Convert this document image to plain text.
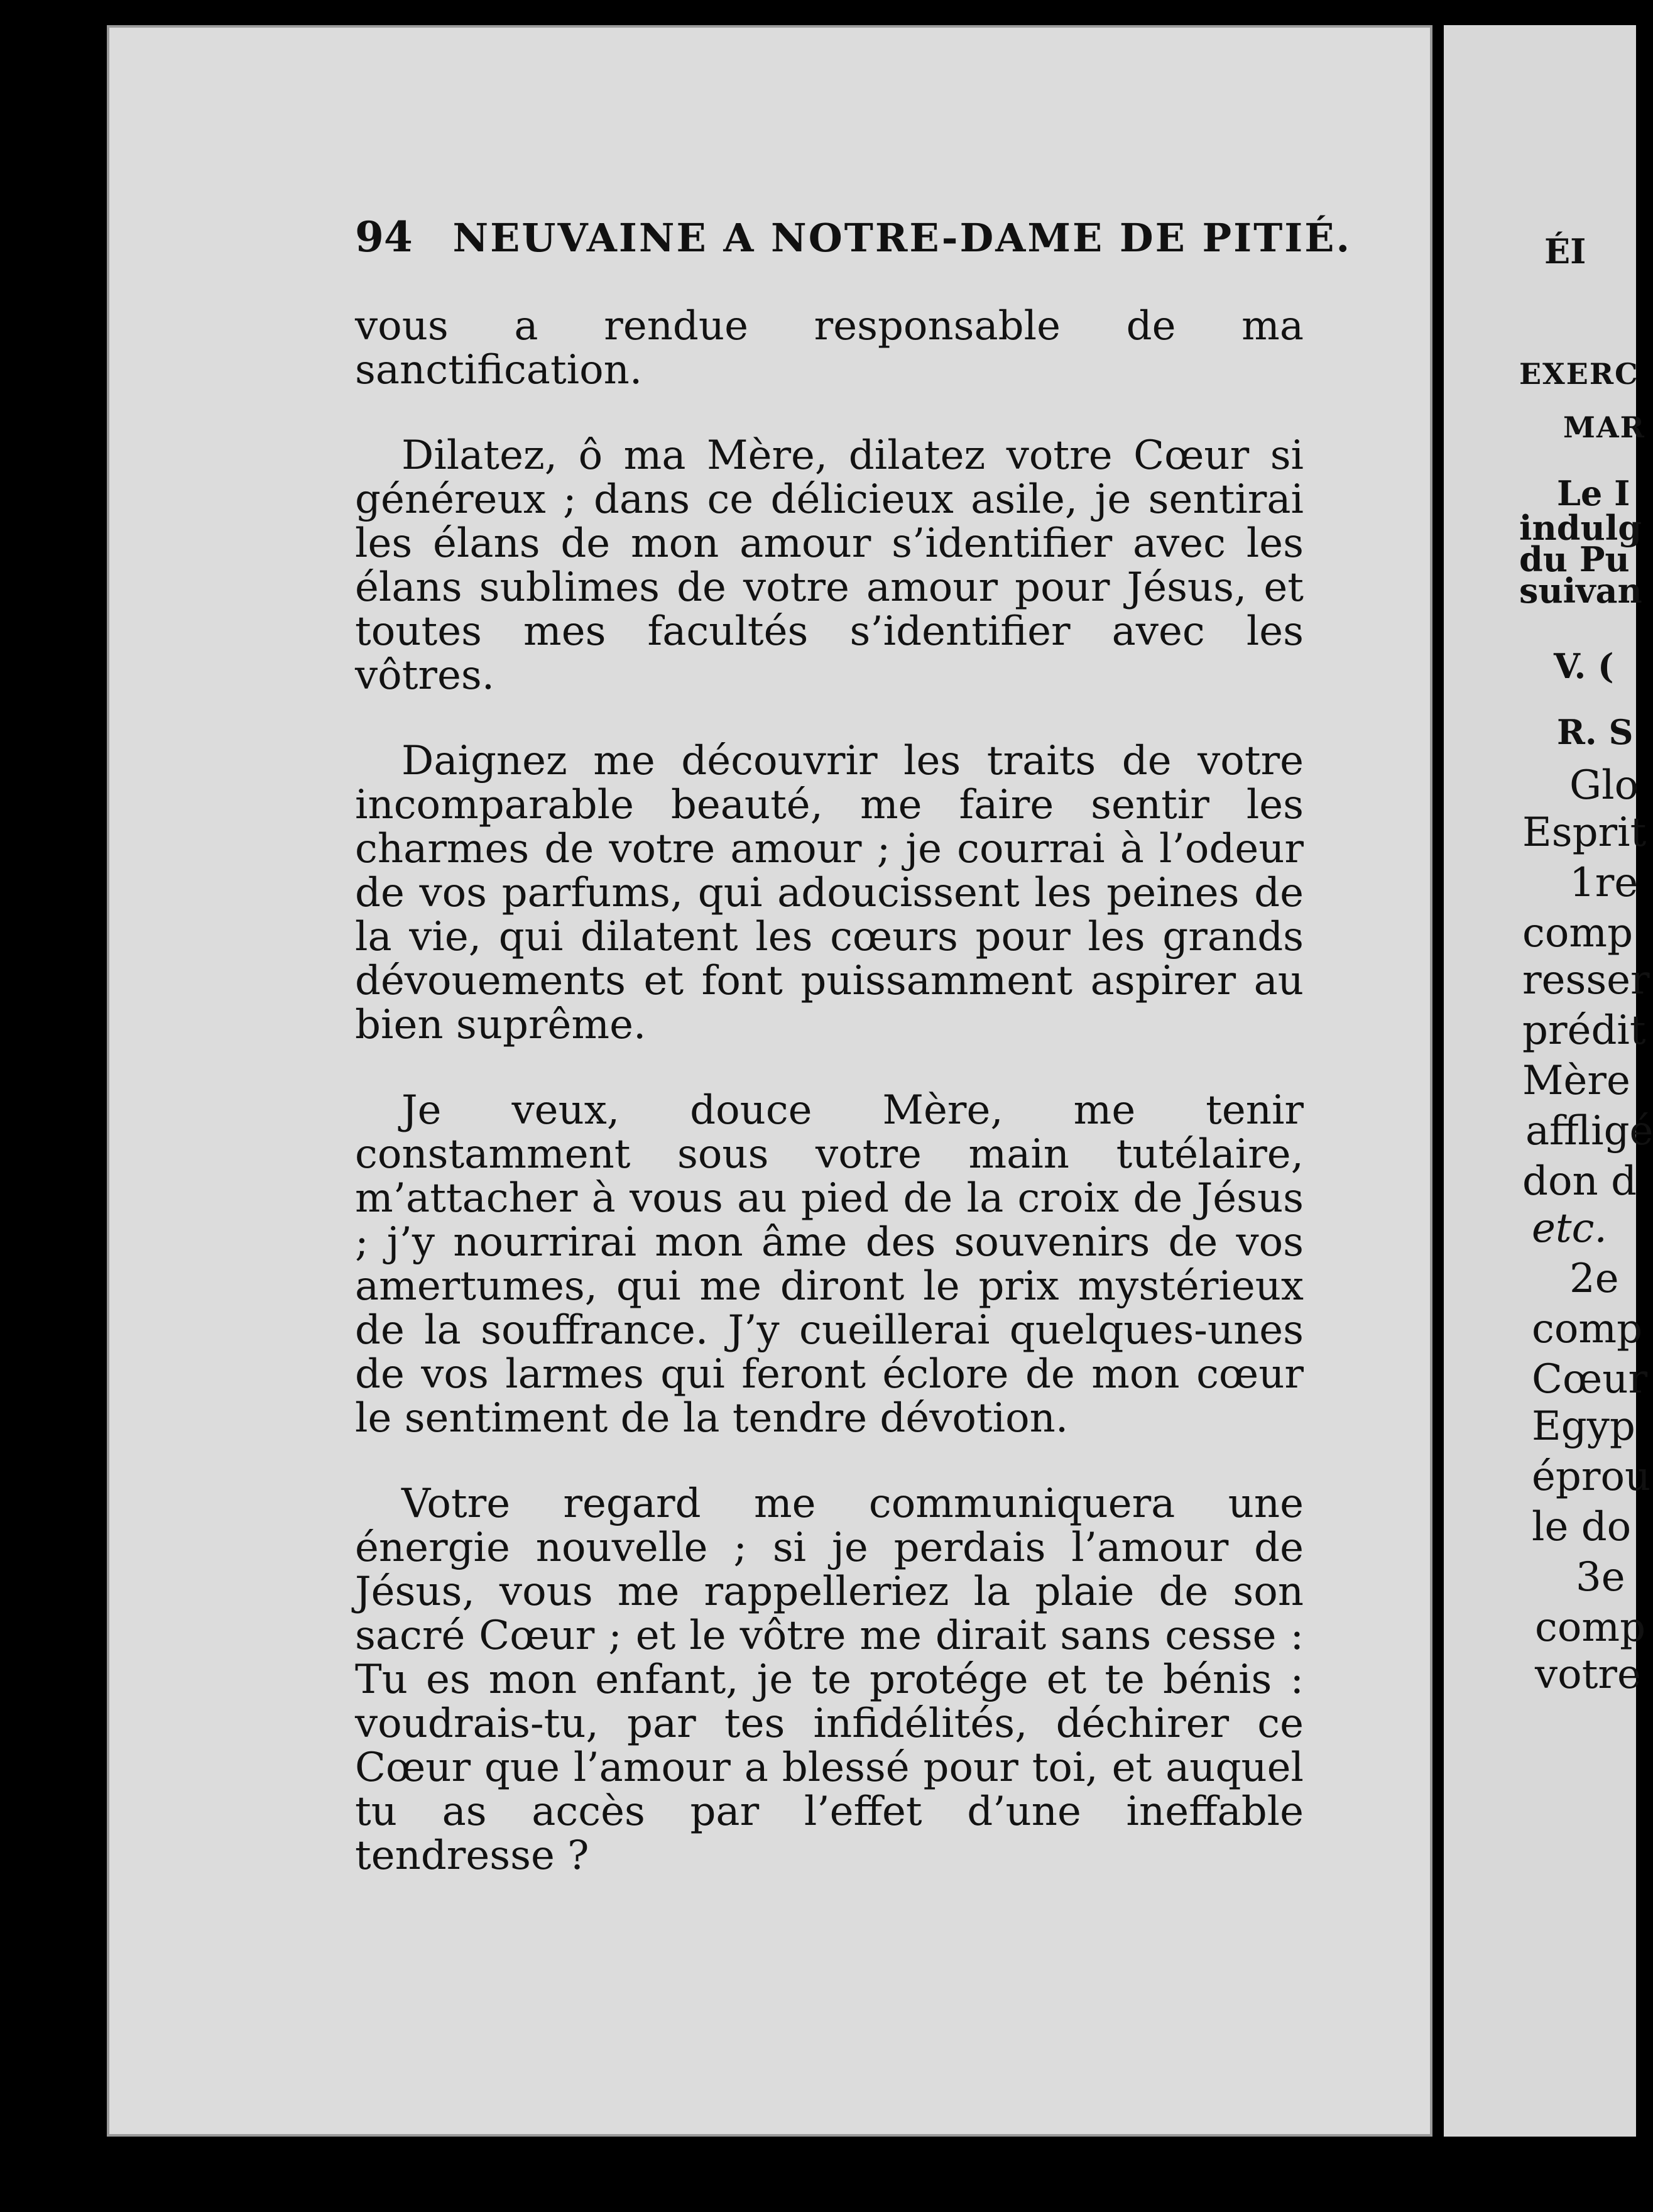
94 NEUVAINE A NOTRE-DAME DE PITIÉ.

vous a rendue responsable de ma sanctification.

Dilatez, ô ma Mère, dilatez votre Cœur si généreux ; dans ce délicieux asile, je sentirai les élans de mon amour s’identifier avec les élans sublimes de votre amour pour Jésus, et toutes mes facultés s’identifier avec les vôtres.

Daignez me découvrir les traits de votre incomparable beauté, me faire sentir les charmes de votre amour ; je courrai à l’odeur de vos parfums, qui adoucissent les peines de la vie, qui dilatent les cœurs pour les grands dévouements et font puissamment aspirer au bien suprême.

Je veux, douce Mère, me tenir constamment sous votre main tutélaire, m’attacher à vous au pied de la croix de Jésus ; j’y nourrirai mon âme des souvenirs de vos amertumes, qui me diront le prix mystérieux de la souffrance. J’y cueillerai quelques-unes de vos larmes qui feront éclore de mon cœur le sentiment de la tendre dévotion.

Votre regard me communiquera une énergie nouvelle ; si je perdais l’amour de Jésus, vous me rappelleriez la plaie de son sacré Cœur ; et le vôtre me dirait sans cesse : Tu es mon enfant, je te protége et te bénis : voudrais-tu, par tes infidélités, déchirer ce Cœur que l’amour a blessé pour toi, et auquel tu as accès par l’effet d’une ineffable tendresse ?

ÉI
EXERC
MAR
Le I
indulg
du Pu
suivan
V. (
R. S
Glo
Esprit
1re
comp
resser
prédit
Mère
affligé
don d
etc.
2e
comp
Cœur
Egyp
éprou
le do
3e
comp
votre
